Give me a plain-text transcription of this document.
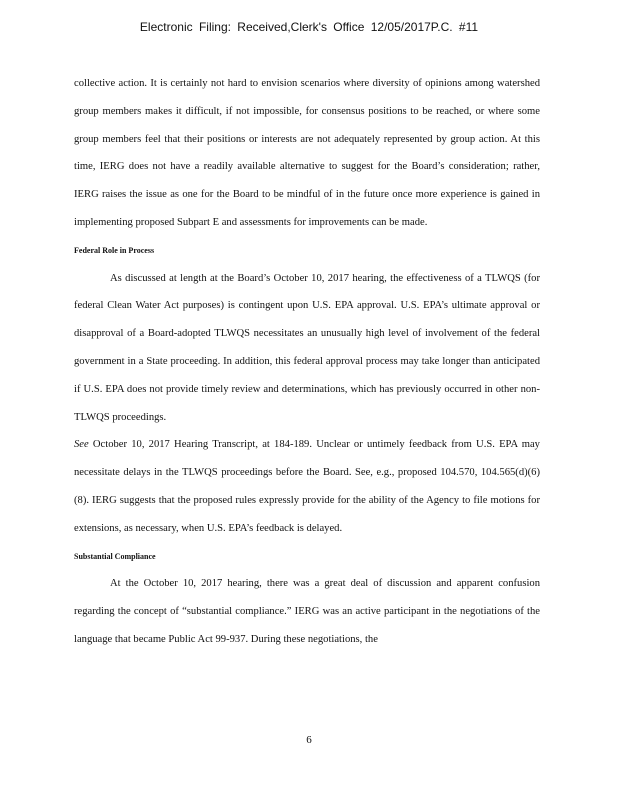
Electronic Filing: Received,Clerk's Office 12/05/2017P.C. #11

collective action. It is certainly not hard to envision scenarios where diversity of opinions among watershed group members makes it difficult, if not impossible, for consensus positions to be reached, or where some group members feel that their positions or interests are not adequately represented by group action. At this time, IERG does not have a readily available alternative to suggest for the Board’s consideration; rather, IERG raises the issue as one for the Board to be mindful of in the future once more experience is gained in implementing proposed Subpart E and assessments for improvements can be made.

Federal Role in Process

As discussed at length at the Board’s October 10, 2017 hearing, the effectiveness of a TLWQS (for federal Clean Water Act purposes) is contingent upon U.S. EPA approval. U.S. EPA’s ultimate approval or disapproval of a Board-adopted TLWQS necessitates an unusually high level of involvement of the federal government in a State proceeding. In addition, this federal approval process may take longer than anticipated if U.S. EPA does not provide timely review and determinations, which has previously occurred in other non-TLWQS proceedings.

See October 10, 2017 Hearing Transcript, at 184-189. Unclear or untimely feedback from U.S. EPA may necessitate delays in the TLWQS proceedings before the Board. See, e.g., proposed 104.570, 104.565(d)(6)(8). IERG suggests that the proposed rules expressly provide for the ability of the Agency to file motions for extensions, as necessary, when U.S. EPA’s feedback is delayed.

Substantial Compliance

At the October 10, 2017 hearing, there was a great deal of discussion and apparent confusion regarding the concept of “substantial compliance.” IERG was an active participant in the negotiations of the language that became Public Act 99-937. During these negotiations, the

6
